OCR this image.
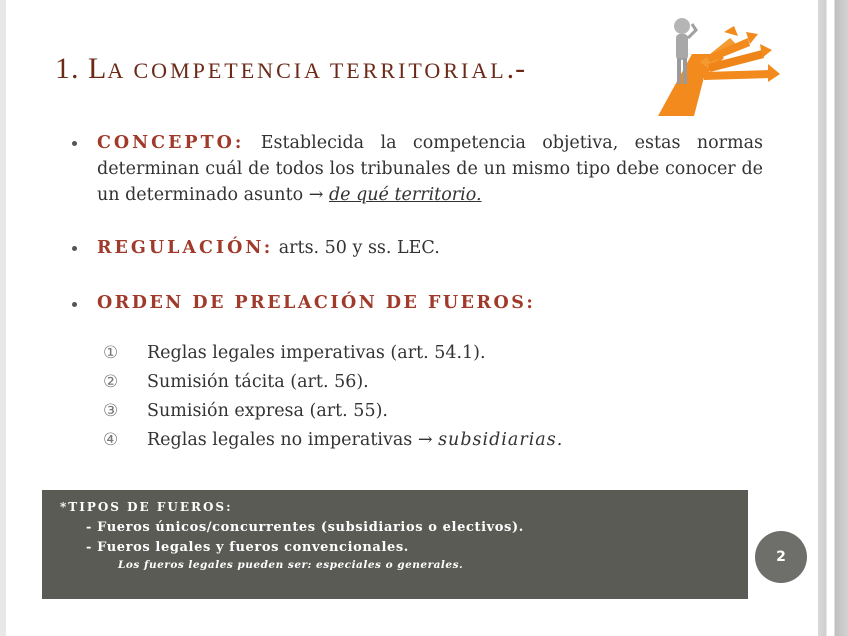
1. LA COMPETENCIA TERRITORIAL.-
CONCEPTO: Establecida la competencia objetiva, estas normas determinan cuál de todos los tribunales de un mismo tipo debe conocer de un determinado asunto → de qué territorio.
REGULACIÓN: arts. 50 y ss. LEC.
ORDEN DE PRELACIÓN DE FUEROS:
①	Reglas legales imperativas (art. 54.1).
②	Sumisión tácita (art. 56).
③	Sumisión expresa (art. 55).
④	Reglas legales no imperativas →
subsidiarias.
*TIPOS DE FUEROS:
- Fueros únicos/concurrentes (subsidiarios o electivos).
- Fueros legales y fueros convencionales.
Los fueros legales pueden ser: especiales o generales.	2
